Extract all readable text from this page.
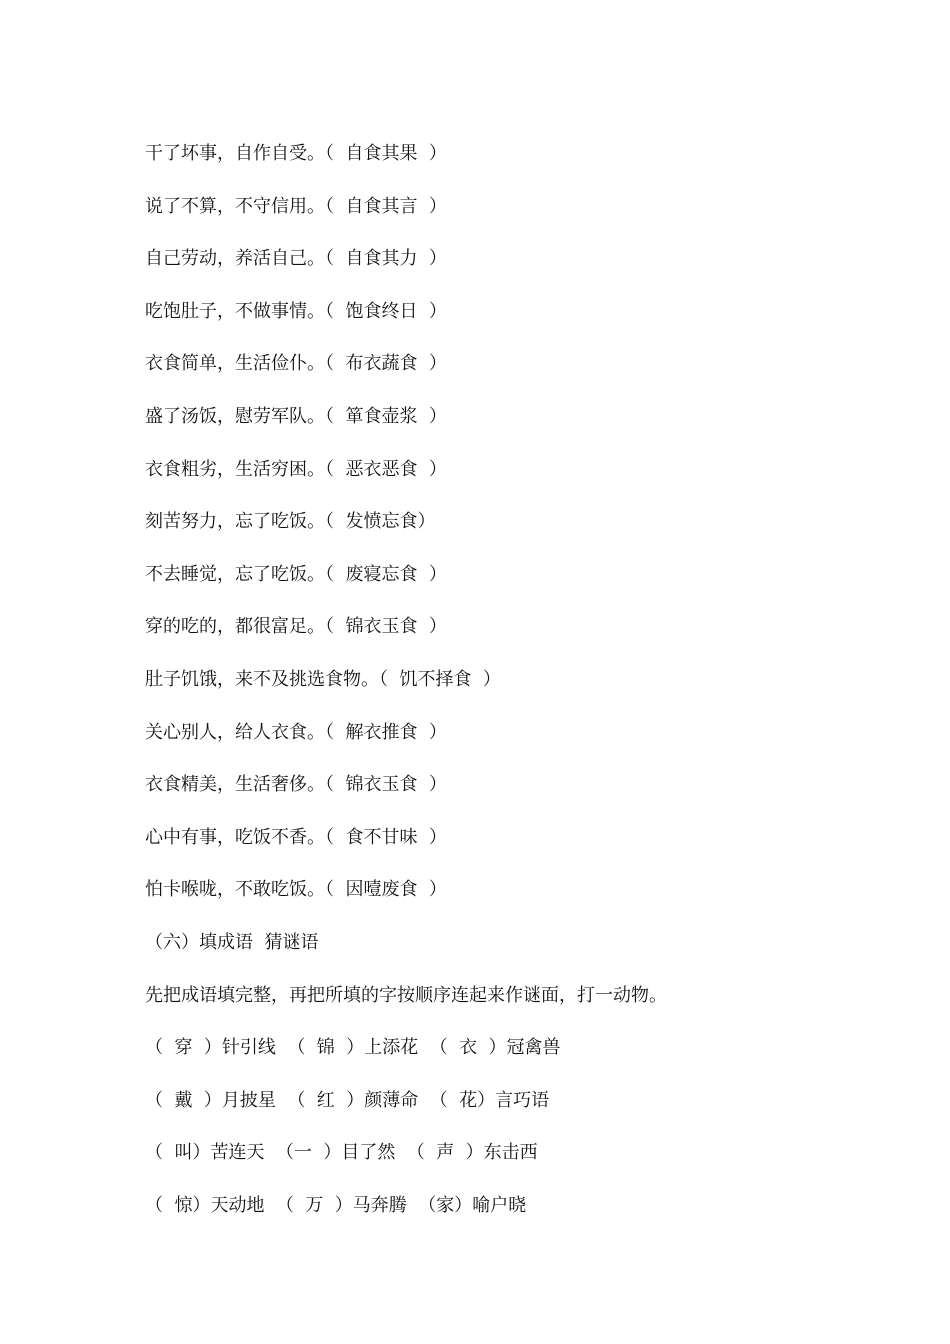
干了坏事，自作自受。（  自食其果  ）
说了不算，不守信用。（  自食其言  ）
自己劳动，养活自己。（  自食其力  ）
吃饱肚子，不做事情。（  饱食终日  ）
衣食简单，生活俭仆。（  布衣蔬食  ）
盛了汤饭，慰劳军队。（  箪食壶浆  ）
衣食粗劣，生活穷困。（  恶衣恶食  ）
刻苦努力，忘了吃饭。（  发愤忘食）
不去睡觉，忘了吃饭。（  废寝忘食  ）
穿的吃的，都很富足。（  锦衣玉食  ）
肚子饥饿，来不及挑选食物。（  饥不择食  ）
关心别人，给人衣食。（  解衣推食  ）
衣食精美，生活奢侈。（  锦衣玉食  ）
心中有事，吃饭不香。（  食不甘味  ）
怕卡喉咙，不敢吃饭。（  因噎废食  ）
（六）填成语  猜谜语
先把成语填完整，再把所填的字按顺序连起来作谜面，打一动物。
（  穿  ）针引线  （  锦  ）上添花  （  衣  ）冠禽兽
（  戴  ）月披星  （  红  ）颜薄命  （  花）言巧语
（  叫）苦连天  （一  ）目了然  （  声  ）东击西
（  惊）天动地  （  万  ）马奔腾  （家）喻户晓
